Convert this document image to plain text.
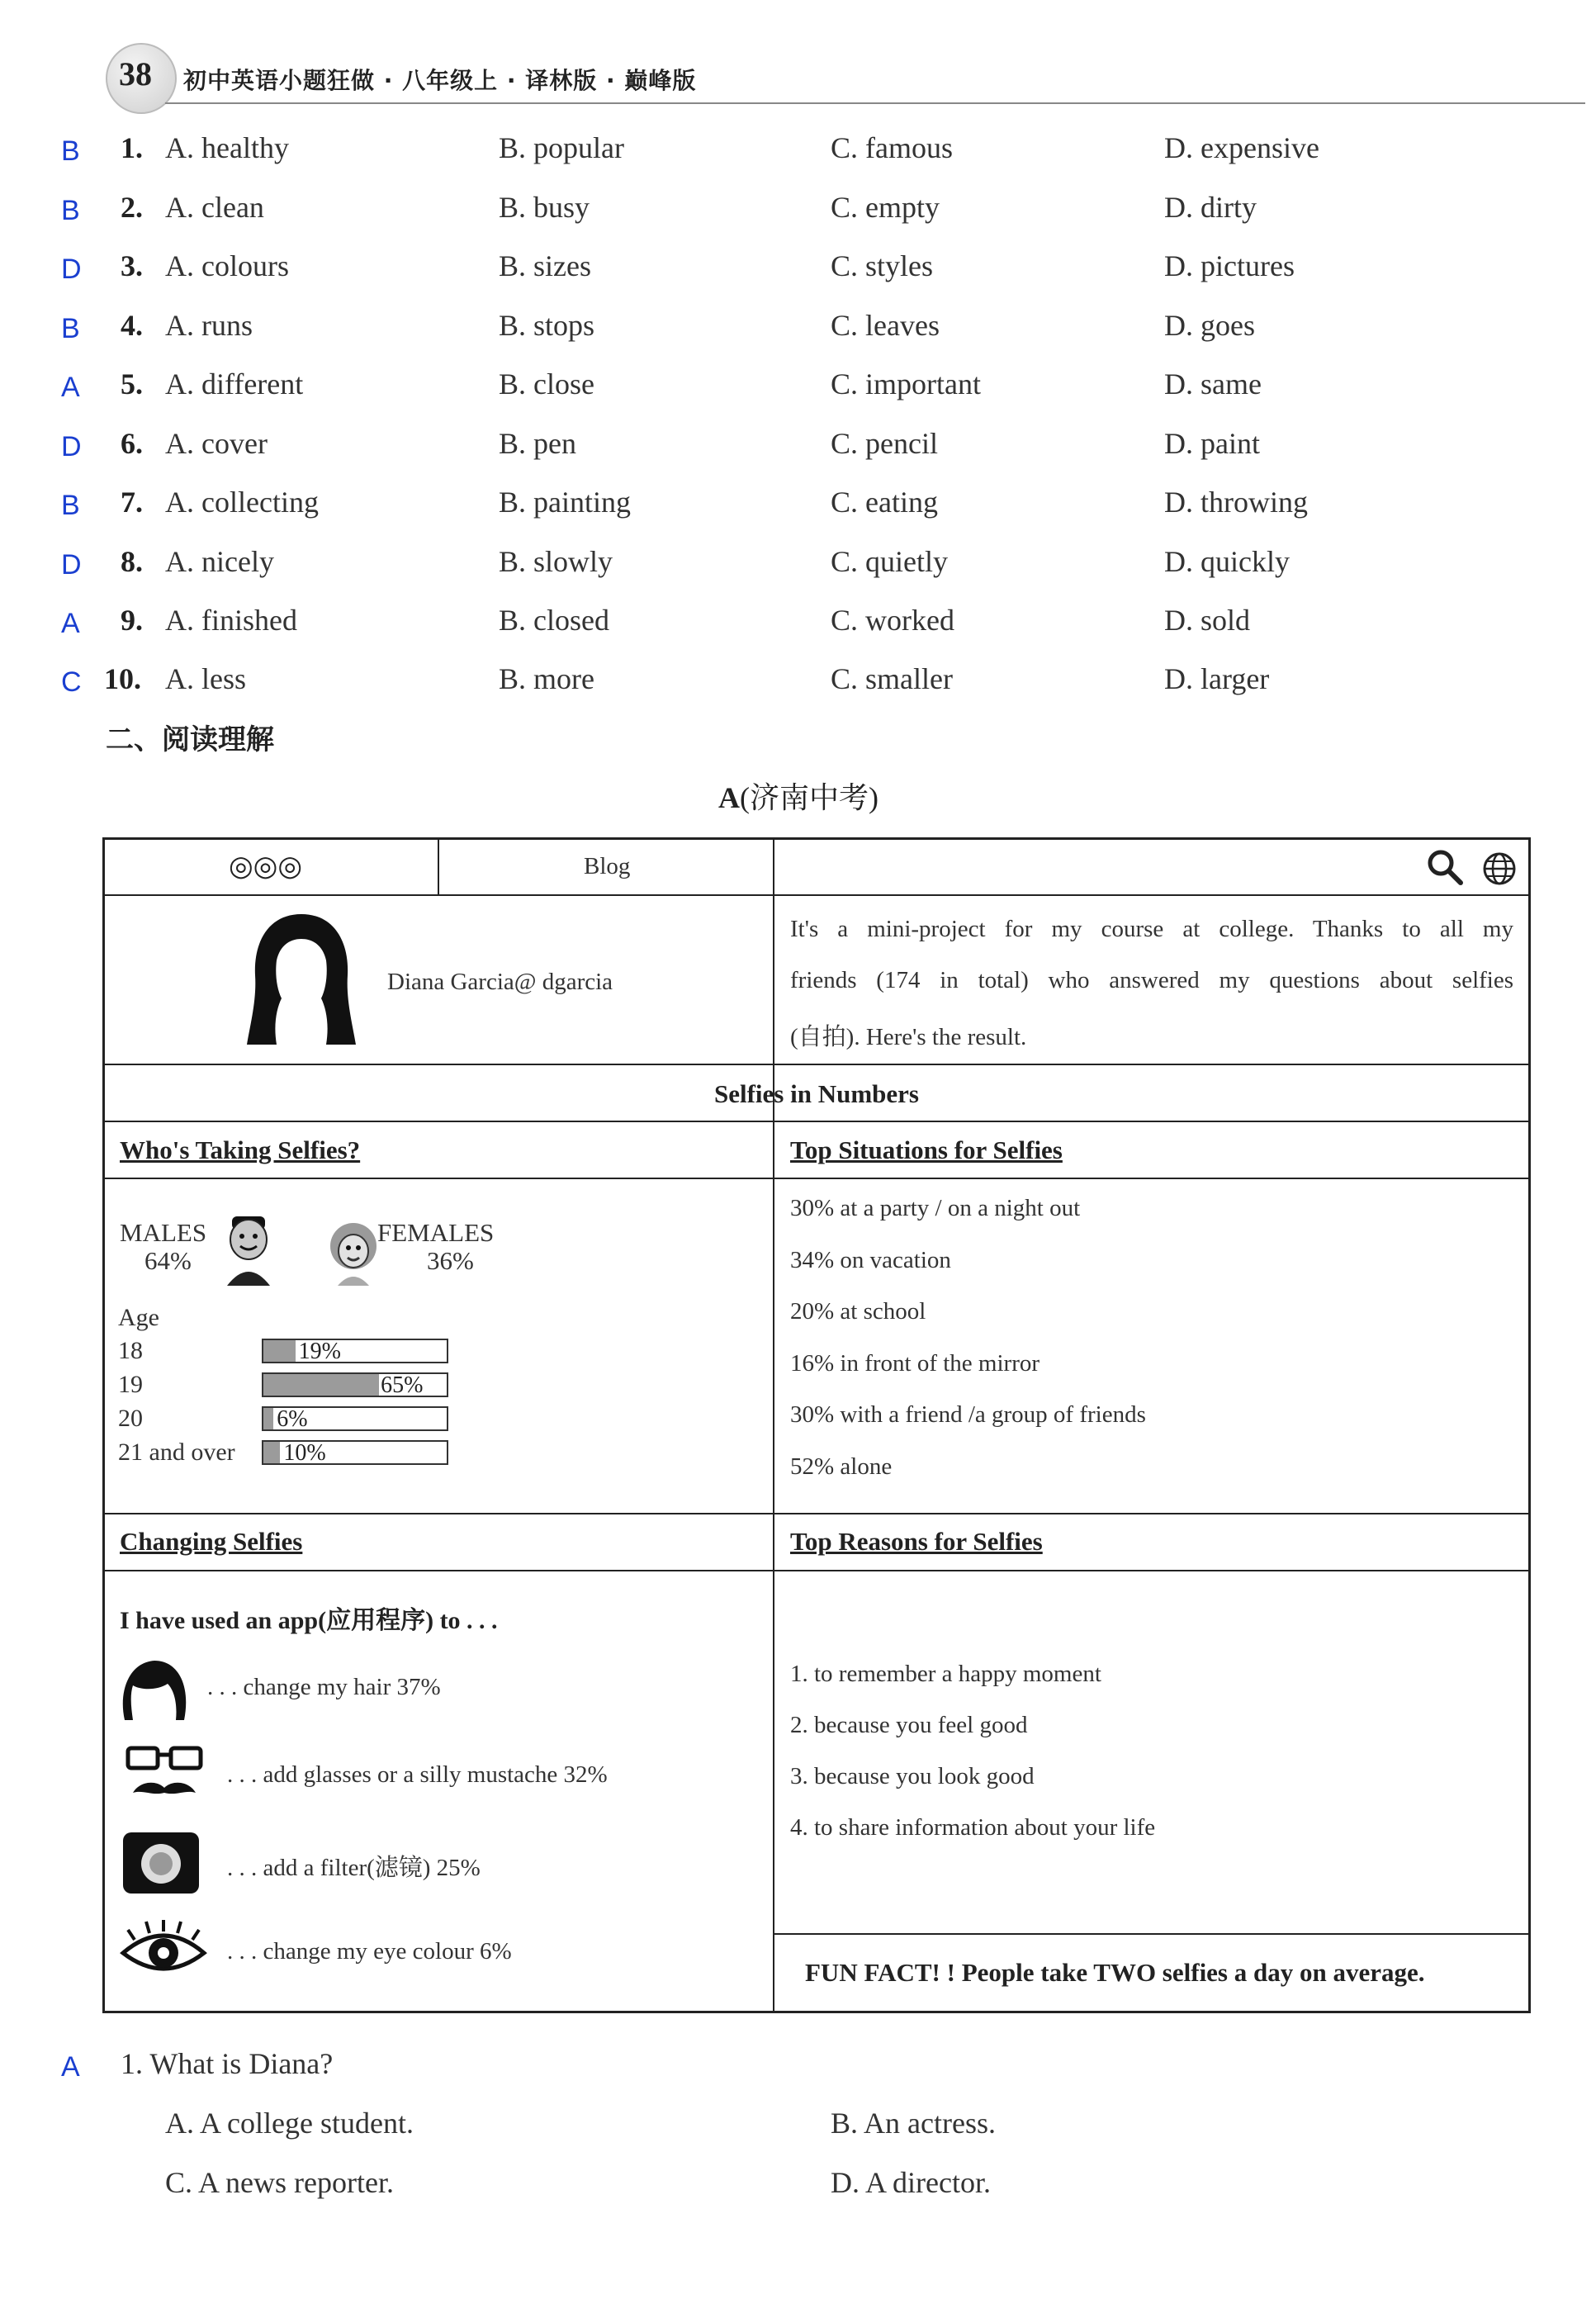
38 初中英语小题狂做 · 八年级上 · 译林版 · 巅峰版
B 1. A. healthy	B. popular	C. famous	D. expensive
B 2. A. clean	B. busy	C. empty	D. dirty
D 3. A. colours	B. sizes	C. styles	D. pictures
B 4. A. runs	B. stops	C. leaves	D. goes
A 5. A. different	B. close	C. important	D. same
D 6. A. cover	B. pen	C. pencil	D. paint
B 7. A. collecting	B. painting	C. eating	D. throwing
D 8. A. nicely	B. slowly	C. quietly	D. quickly
A 9. A. finished	B. closed	C. worked	D. sold
C 10. A. less	B. more	C. smaller	D. larger
二、阅读理解
A(济南中考)
◎◎◎	Blog
Diana Garcia@ dgarcia
It's a mini-project for my course at college. Thanks to all my
friends (174 in total) who answered my questions about selfies
(自拍). Here's the result.
Selfies in Numbers
Who's Taking Selfies?	Top Situations for Selfies
MALES
64%
FEMALES
36%
Age
Changing Selfies	Top Reasons for Selfies
I have used an app(应用程序) to . . .
. . . change my hair 37%
. . . add glasses or a silly mustache 32%
. . . add a filter(滤镜) 25%
. . . change my eye colour 6%
FUN FACT! ! People take TWO selfies a day on average.
18	19%
19	65%
20	6%
21 and over 10%
30% at a party / on a night out
34% on vacation
20% at school
16% in front of the mirror
30% with a friend /a group of friends
52% alone
1. to remember a happy moment
2. because you feel good
3. because you look good
4. to share information about your life
A 1. What is Diana?
A. A college student.	B. An actress.
C. A news reporter.	D. A director.
